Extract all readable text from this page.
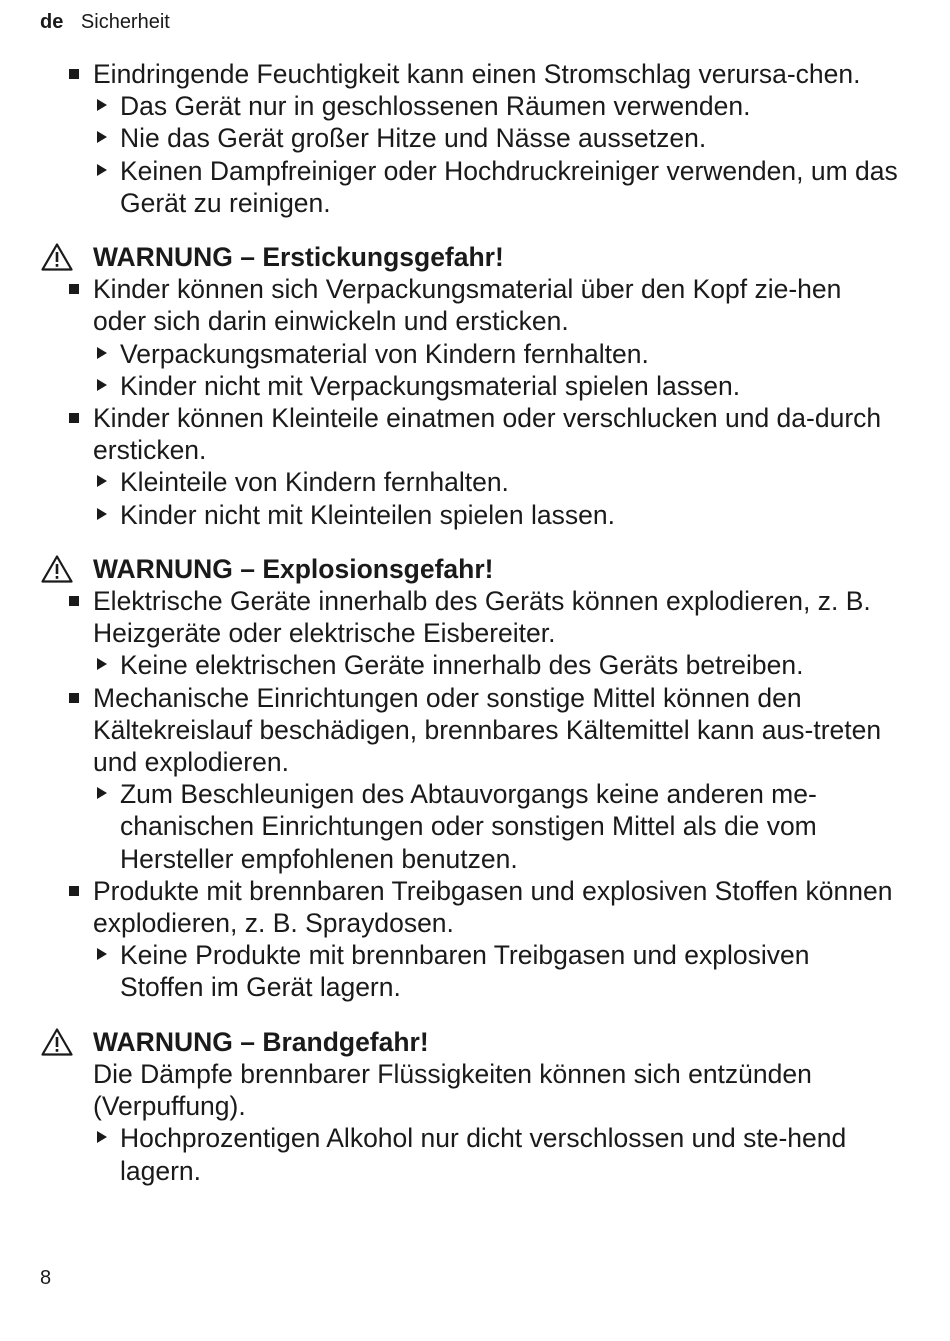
de Sicherheit
Eindringende Feuchtigkeit kann einen Stromschlag verursa-chen.
Das Gerät nur in geschlossenen Räumen verwenden.
Nie das Gerät großer Hitze und Nässe aussetzen.
Keinen Dampfreiniger oder Hochdruckreiniger verwenden, um das Gerät zu reinigen.
WARNUNG – Erstickungsgefahr!
Kinder können sich Verpackungsmaterial über den Kopf zie-hen oder sich darin einwickeln und ersticken.
Verpackungsmaterial von Kindern fernhalten.
Kinder nicht mit Verpackungsmaterial spielen lassen.
Kinder können Kleinteile einatmen oder verschlucken und da-durch ersticken.
Kleinteile von Kindern fernhalten.
Kinder nicht mit Kleinteilen spielen lassen.
WARNUNG – Explosionsgefahr!
Elektrische Geräte innerhalb des Geräts können explodieren, z. B. Heizgeräte oder elektrische Eisbereiter.
Keine elektrischen Geräte innerhalb des Geräts betreiben.
Mechanische Einrichtungen oder sonstige Mittel können den Kältekreislauf beschädigen, brennbares Kältemittel kann aus-treten und explodieren.
Zum Beschleunigen des Abtauvorgangs keine anderen me-chanischen Einrichtungen oder sonstigen Mittel als die vom Hersteller empfohlenen benutzen.
Produkte mit brennbaren Treibgasen und explosiven Stoffen können explodieren, z. B. Spraydosen.
Keine Produkte mit brennbaren Treibgasen und explosiven Stoffen im Gerät lagern.
WARNUNG – Brandgefahr!
Die Dämpfe brennbarer Flüssigkeiten können sich entzünden (Verpuffung).
Hochprozentigen Alkohol nur dicht verschlossen und ste-hend lagern.
8
